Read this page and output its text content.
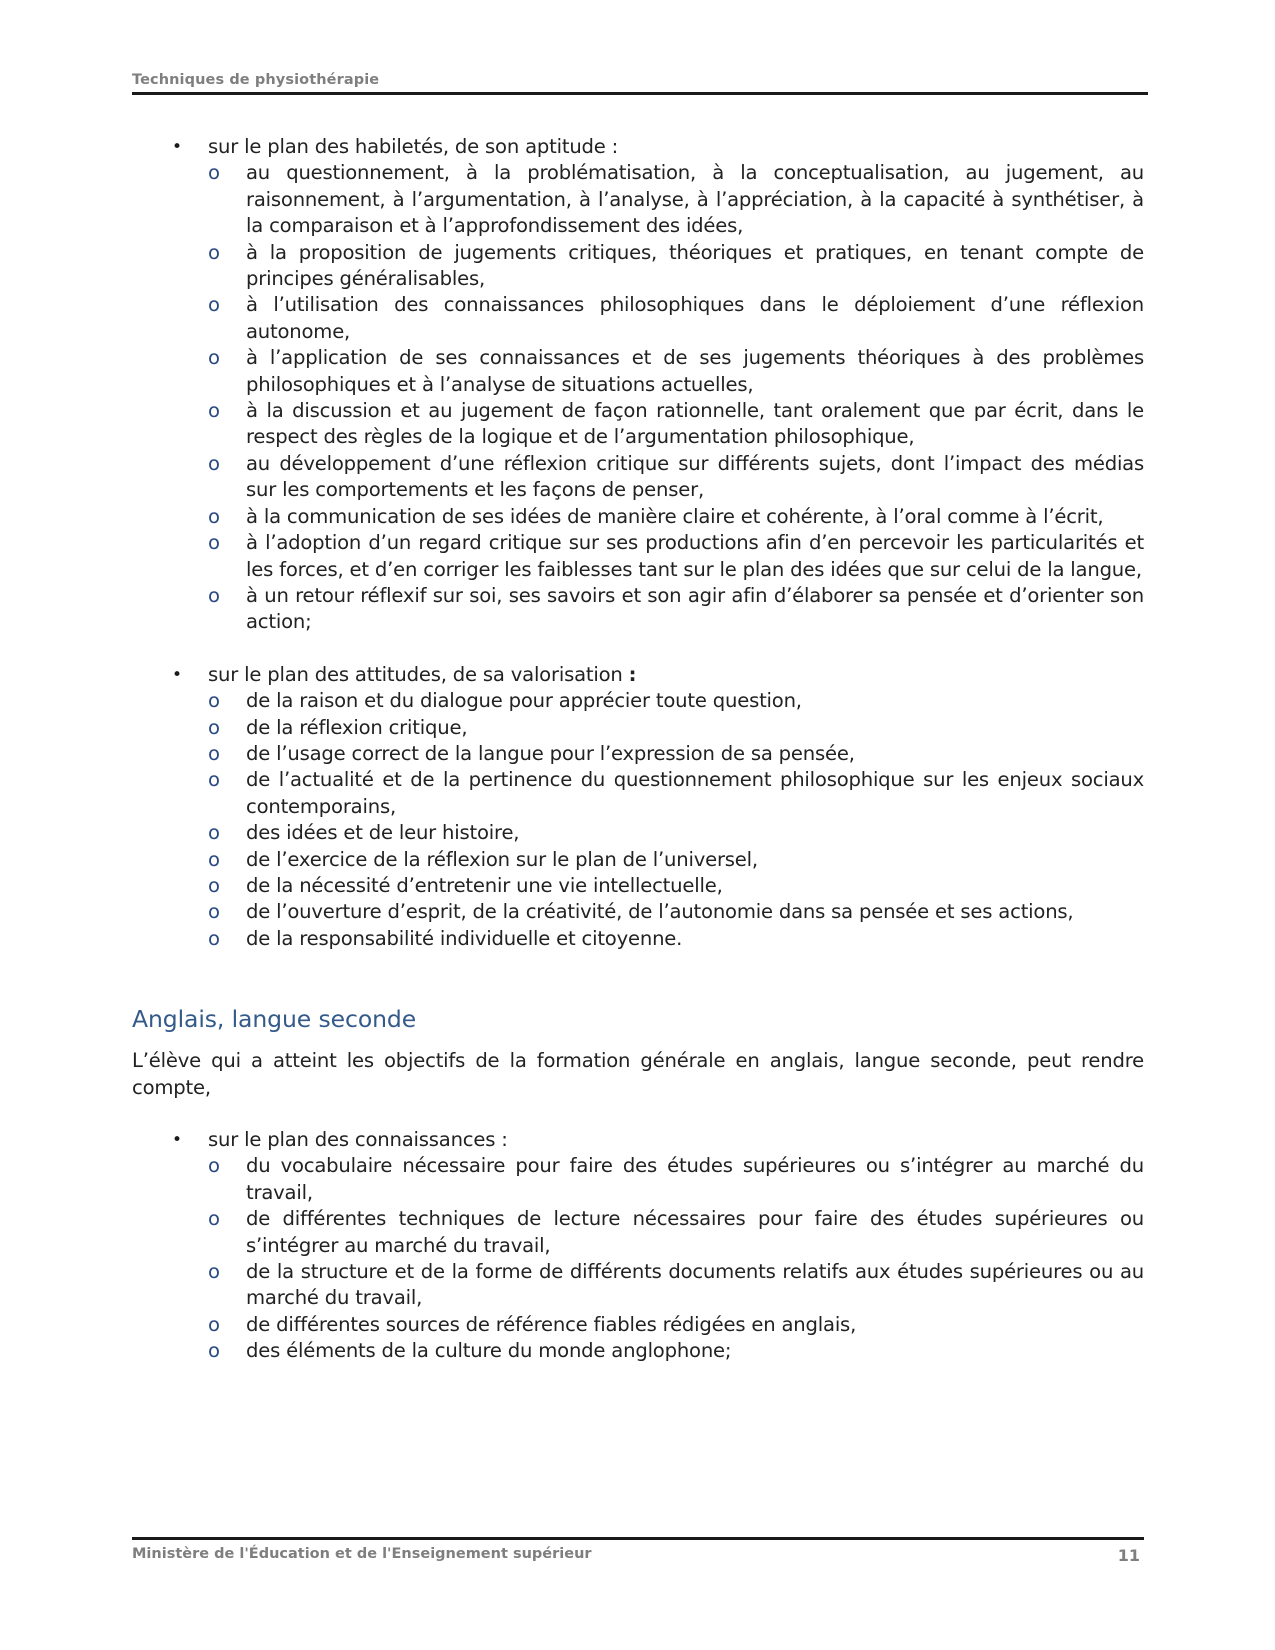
Techniques de physiothérapie
• sur le plan des habiletés, de son aptitude :
o au questionnement, à la problématisation, à la conceptualisation, au jugement, au raisonnement, à l’argumentation, à l’analyse, à l’appréciation, à la capacité à synthétiser, à la comparaison et à l’approfondissement des idées,
o à la proposition de jugements critiques, théoriques et pratiques, en tenant compte de principes généralisables,
o à l’utilisation des connaissances philosophiques dans le déploiement d’une réflexion autonome,
o à l’application de ses connaissances et de ses jugements théoriques à des problèmes philosophiques et à l’analyse de situations actuelles,
o à la discussion et au jugement de façon rationnelle, tant oralement que par écrit, dans le respect des règles de la logique et de l’argumentation philosophique,
o au développement d’une réflexion critique sur différents sujets, dont l’impact des médias sur les comportements et les façons de penser,
o à la communication de ses idées de manière claire et cohérente, à l’oral comme à l’écrit,
o à l’adoption d’un regard critique sur ses productions afin d’en percevoir les particularités et les forces, et d’en corriger les faiblesses tant sur le plan des idées que sur celui de la langue,
o à un retour réflexif sur soi, ses savoirs et son agir afin d’élaborer sa pensée et d’orienter son action;
• sur le plan des attitudes, de sa valorisation :
o de la raison et du dialogue pour apprécier toute question,
o de la réflexion critique,
o de l’usage correct de la langue pour l’expression de sa pensée,
o de l’actualité et de la pertinence du questionnement philosophique sur les enjeux sociaux contemporains,
o des idées et de leur histoire,
o de l’exercice de la réflexion sur le plan de l’universel,
o de la nécessité d’entretenir une vie intellectuelle,
o de l’ouverture d’esprit, de la créativité, de l’autonomie dans sa pensée et ses actions,
o de la responsabilité individuelle et citoyenne.
Anglais, langue seconde

L’élève qui a atteint les objectifs de la formation générale en anglais, langue seconde, peut rendre compte,

• sur le plan des connaissances :
o du vocabulaire nécessaire pour faire des études supérieures ou s’intégrer au marché du travail,
o de différentes techniques de lecture nécessaires pour faire des études supérieures ou s’intégrer au marché du travail,
o de la structure et de la forme de différents documents relatifs aux études supérieures ou au marché du travail,
o de différentes sources de référence fiables rédigées en anglais,
o des éléments de la culture du monde anglophone;
Ministère de l'Éducation et de l'Enseignement supérieur	11
